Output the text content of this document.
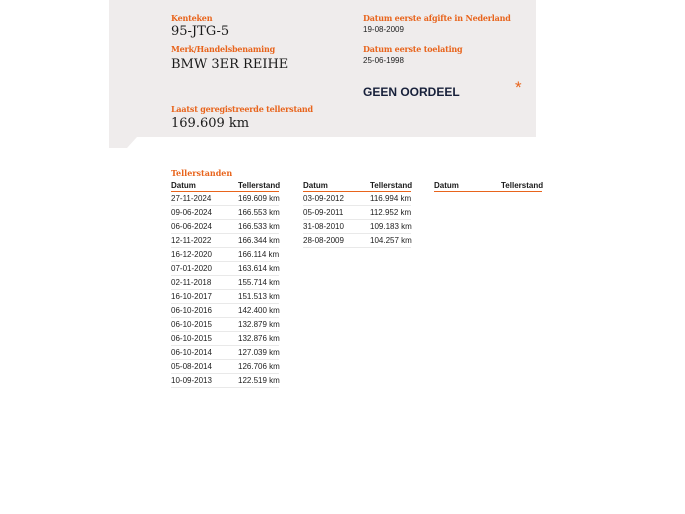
Kenteken
95-JTG-5
Merk/Handelsbenaming
BMW 3ER REIHE
Datum eerste afgifte in Nederland
19-08-2009
Datum eerste toelating
25-06-1998
GEEN OORDEEL	*
Laatst geregistreerde tellerstand
169.609 km
Tellerstanden
Datum	Tellerstand
27-11-2024	169.609 km
09-06-2024	166.553 km
06-06-2024	166.533 km
12-11-2022	166.344 km
16-12-2020	166.114 km
07-01-2020	163.614 km
02-11-2018	155.714 km
16-10-2017	151.513 km
06-10-2016	142.400 km
06-10-2015	132.879 km
06-10-2015	132.876 km
06-10-2014	127.039 km
05-08-2014	126.706 km
10-09-2013	122.519 km
Datum	Tellerstand
03-09-2012	116.994 km
05-09-2011	112.952 km
31-08-2010	109.183 km
28-08-2009	104.257 km
Datum	Tellerstand
